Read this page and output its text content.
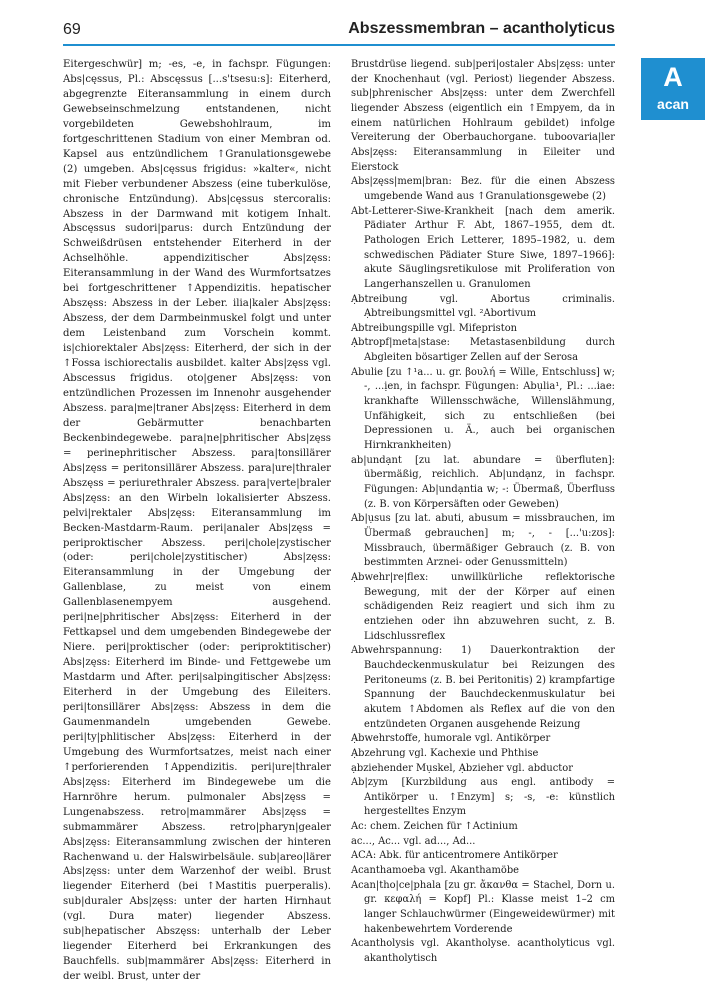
69	Abszessmembran – acantholyticus
A
acan

Eitergeschwür] m; -es, -e, in fachspr. Fügungen: Abs|cęssus, Pl.: Abscęssus [...s'tsesu:s]: Eiterherd, abgegrenzte Eiteransammlung in einem durch Gewebseinschmelzung entstandenen, nicht vorgebildeten Gewebshohlraum, im fortgeschrittenen Stadium von einer Membran od. Kapsel aus entzündlichem ↑Granulationsgewebe (2) umgeben. Abs|cęssus frigidus: »kalter«, nicht mit Fieber verbundener Abszess (eine tuberkulöse, chronische Entzündung). Abs|cęssus stercoralis: Abszess in der Darmwand mit kotigem Inhalt. Abscęssus sudori|parus: durch Entzündung der Schweißdrüsen entstehender Eiterherd in der Achselhöhle. appendizitischer Abs|zęss: Eiteransammlung in der Wand des Wurmfortsatzes bei fortgeschrittener ↑Appendizitis. hepatischer Abszęss: Abszess in der Leber. ilia|kaler Abs|zęss: Abszess, der dem Darmbeinmuskel folgt und unter dem Leistenband zum Vorschein kommt. is|chiorektaler Abs|zęss: Eiterherd, der sich in der ↑Fossa ischiorectalis ausbildet. kalter Abs|zęss vgl. Abscessus frigidus. oto|gener Abs|zęss: von entzündlichen Prozessen im Innenohr ausgehender Abszess. para|me|traner Abs|zęss: Eiterherd in dem der Gebärmutter benachbarten Beckenbindegewebe. para|ne|phritischer Abs|zęss = perinephritischer Abszess. para|tonsillärer Abs|zęss = peritonsillärer Abszess. para|ure|thraler Abszęss = periurethraler Abszess. para|verte|braler Abs|zęss: an den Wirbeln lokalisierter Abszess. pelvi|rektaler Abs|zęss: Eiteransammlung im Becken-Mastdarm-Raum. peri|analer Abs|zęss = periproktischer Abszess. peri|chole|zystischer (oder: peri|chole|zystitischer) Abs|zęss: Eiteransammlung in der Umgebung der Gallenblase, zu meist von einem Gallenblasenempyem ausgehend. peri|ne|phritischer Abs|zęss: Eiterherd in der Fettkapsel und dem umgebenden Bindegewebe der Niere. peri|proktischer (oder: periproktitischer) Abs|zęss: Eiterherd im Binde- und Fettgewebe um Mastdarm und After. peri|salpingitischer Abs|zęss: Eiterherd in der Umgebung des Eileiters. peri|tonsillärer Abs|zęss: Abszess in dem die Gaumenmandeln umgebenden Gewebe. peri|ty|phlitischer Abs|zęss: Eiterherd in der Umgebung des Wurmfortsatzes, meist nach einer ↑perforierenden ↑Appendizitis. peri|ure|thraler Abs|zęss: Eiterherd im Bindegewebe um die Harnröhre herum. pulmonaler Abs|zęss = Lungenabszess. retro|mammärer Abs|zęss = submammärer Abszess. retro|pharyn|gealer Abs|zęss: Eiteransammlung zwischen der hinteren Rachenwand u. der Halswirbelsäule. sub|areo|lärer Abs|zęss: unter dem Warzenhof der weibl. Brust liegender Eiterherd (bei ↑Mastitis puerperalis). sub|duraler Abs|zęss: unter der harten Hirnhaut (vgl. Dura mater) liegender Abszess. sub|hepatischer Abszęss: unterhalb der Leber liegender Eiterherd bei Erkrankungen des Bauchfells. sub|mammärer Abs|zęss: Eiterherd in der weibl. Brust, unter der

Brustdrüse liegend. sub|peri|ostaler Abs|zęss: unter der Knochenhaut (vgl. Periost) liegender Abszess. sub|phrenischer Abs|zęss: unter dem Zwerchfell liegender Abszess (eigentlich ein ↑Empyem, da in einem natürlichen Hohlraum gebildet) infolge Vereiterung der Oberbauchorgane. tuboovaria|ler Abs|zęss: Eiteransammlung in Eileiter und Eierstock

Abs|zęss|mem|bran: Bez. für die einen Abszess umgebende Wand aus ↑Granulationsgewebe (2)

Abt-Letterer-Siwe-Krankheit [nach dem amerik. Pädiater Arthur F. Abt, 1867–1955, dem dt. Pathologen Erich Letterer, 1895–1982, u. dem schwedischen Pädiater Sture Siwe, 1897–1966]: akute Säuglingsretikulose mit Proliferation von Langerhanszellen u. Granulomen

Ạbtreibung vgl. Abortus criminalis. Ạbtreibungsmittel vgl. ²Abortivum

Abtreibungspille vgl. Mifepriston

Ạbtropf|meta|stase: Metastasenbildung durch Abgleiten bösartiger Zellen auf der Serosa

Abulie [zu ↑¹a... u. gr. βουλή = Wille, Entschluss] w; -, ...ịen, in fachspr. Fügungen: Abụlia¹, Pl.: ...iae: krankhafte Willensschwäche, Willenslähmung, Unfähigkeit, sich zu entschließen (bei Depressionen u. Ä., auch bei organischen Hirnkrankheiten)

ab|undạnt [zu lat. abundare = überfluten]: übermäßig, reichlich. Ab|undạnz, in fachspr. Fügungen: Ab|undạntia w; -: Übermaß, Überfluss (z. B. von Körpersäften oder Geweben)

Ab|ụsus [zu lat. abuti, abusum = missbrauchen, im Übermaß gebrauchen] m; -, - [...'u:zʊs]: Missbrauch, übermäßiger Gebrauch (z. B. von bestimmten Arznei- oder Genussmitteln)

Ạbwehr|re|flex: unwillkürliche reflektorische Bewegung, mit der der Körper auf einen schädigenden Reiz reagiert und sich ihm zu entziehen oder ihn abzuwehren sucht, z. B. Lidschlussreflex

Abwehrspannung: 1) Dauerkontraktion der Bauchdeckenmuskulatur bei Reizungen des Peritoneums (z. B. bei Peritonitis) 2) krampfartige Spannung der Bauchdeckenmuskulatur bei akutem ↑Abdomen als Reflex auf die von den entzündeten Organen ausgehende Reizung

Ạbwehrstoffe, humorale vgl. Antikörper

Ạbzehrung vgl. Kachexie und Phthise

ạbziehender Mụskel, Ạbzieher vgl. abductor

Ab|zym [Kurzbildung aus engl. antibody = Antikörper u. ↑Enzym] s; -s, -e: künstlich hergestelltes Enzym

Ac: chem. Zeichen für ↑Actinium

ac..., Ac... vgl. ad..., Ad...

ACA: Abk. für anticentromere Antikörper

Acanthamoeba vgl. Akanthamöbe

Acan|tho|ce|phala [zu gr. ἄκανθα = Stachel, Dorn u. gr. κεφαλή = Kopf] Pl.: Klasse meist 1–2 cm langer Schlauchwürmer (Eingeweidewürmer) mit hakenbewehrtem Vorderende

Acantholysis vgl. Akantholyse. acantholyticus vgl. akantholytisch
